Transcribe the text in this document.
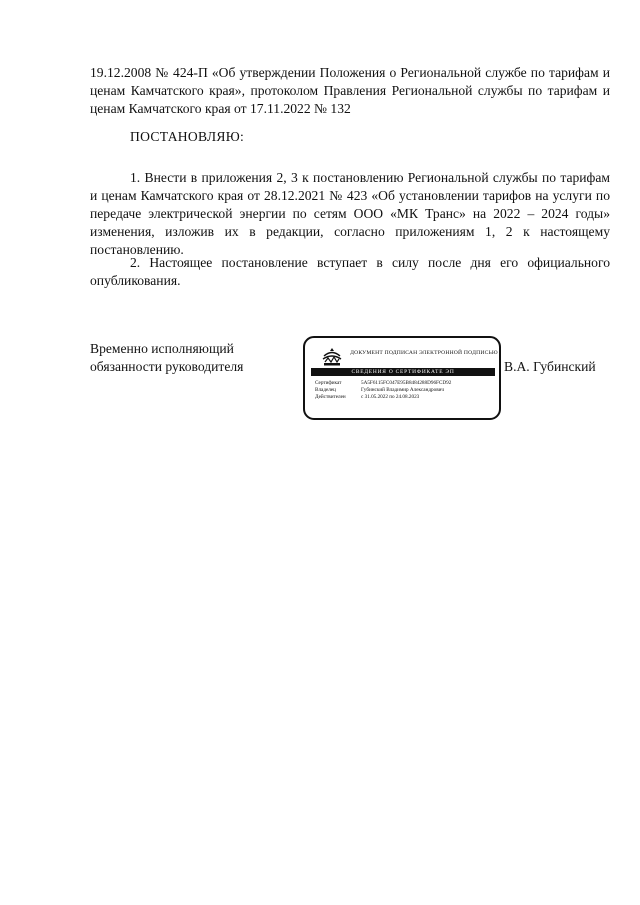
19.12.2008 № 424-П «Об утверждении Положения о Региональной службе по тарифам и ценам Камчатского края», протоколом Правления Региональной службы по тарифам и ценам Камчатского края от 17.11.2022 № 132

ПОСТАНОВЛЯЮ:

1. Внести в приложения 2, 3 к постановлению Региональной службы по тарифам и ценам Камчатского края от 28.12.2021 № 423 «Об установлении тарифов на услуги по передаче электрической энергии по сетям ООО «МК Транс» на 2022 – 2024 годы» изменения, изложив их в редакции, согласно приложениям 1, 2 к настоящему постановлению.

2. Настоящее постановление вступает в силу после дня его официального опубликования.

Временно исполняющий обязанности руководителя
ДОКУМЕНТ ПОДПИСАН ЭЛЕКТРОННОЙ ПОДПИСЬЮ
СВЕДЕНИЯ О СЕРТИФИКАТЕ ЭП
Сертификат	5A5F6115FC047E95B8484288D96FCD92
Владелец	Губинский Владимир Александрович
Действителен	с 31.05.2022 по 24.08.2023
В.А. Губинский
